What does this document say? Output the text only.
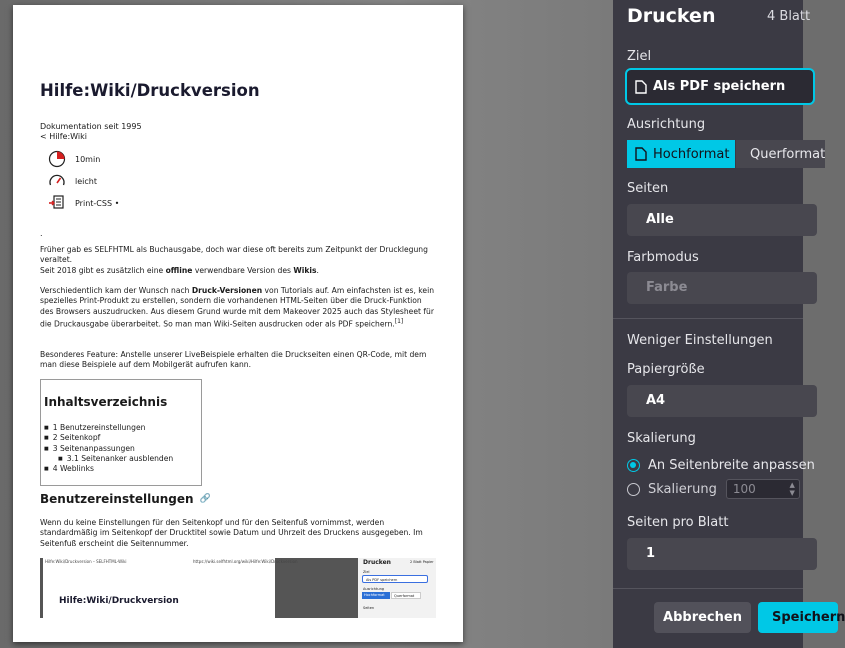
Hilfe:Wiki/Druckversion
Dokumentation seit 1995
< Hilfe:Wiki
10min
leicht
Print-CSS •
.

Früher gab es SELFHTML als Buchausgabe, doch war diese oft bereits zum Zeitpunkt der Drucklegung veraltet.
Seit 2018 gibt es zusätzlich eine offline verwendbare Version des Wikis.

Verschiedentlich kam der Wunsch nach Druck-Versionen von Tutorials auf. Am einfachsten ist es, kein spezielles Print-Produkt zu erstellen, sondern die vorhandenen HTML-Seiten über die Druck-Funktion des Browsers auszudrucken. Aus diesem Grund wurde mit dem Makeover 2025 auch das Stylesheet für die Druckausgabe überarbeitet. So man man Wiki-Seiten ausdrucken oder als PDF speichern.[1]

Besonderes Feature: Anstelle unserer LiveBeispiele erhalten die Druckseiten einen QR-Code, mit dem man diese Beispiele auf dem Mobilgerät aufrufen kann.

Inhaltsverzeichnis
■ 1 Benutzereinstellungen
■ 2 Seitenkopf
■ 3 Seitenanpassungen
■ 3.1 Seitenanker ausblenden
■ 4 Weblinks
Benutzereinstellungen 🔗

Wenn du keine Einstellungen für den Seitenkopf und für den Seitenfuß vornimmst, werden standardmäßig im Seitenkopf der Drucktitel sowie Datum und Uhrzeit des Druckens ausgegeben. Im Seitenfuß erscheint die Seitennummer.

Hilfe:Wiki/Druckversion – SELFHTML-Wiki	https://wiki.selfhtml.org/wiki/Hilfe:Wiki/Druckversion
Hilfe:Wiki/Druckversion
Drucken	2 Blatt Papier
Ziel
Als PDF speichern
Ausrichtung
Hochformat	Querformat
Seiten
Drucken	4 Blatt
Ziel
Als PDF speichern
Ausrichtung
Hochformat Querformat
Seiten
Alle
Farbmodus
Farbe
Weniger Einstellungen
Papiergröße
A4
Skalierung
An Seitenbreite anpassen
Skalierung	100	▲
▼
Seiten pro Blatt
1
Abbrechen	Speichern
